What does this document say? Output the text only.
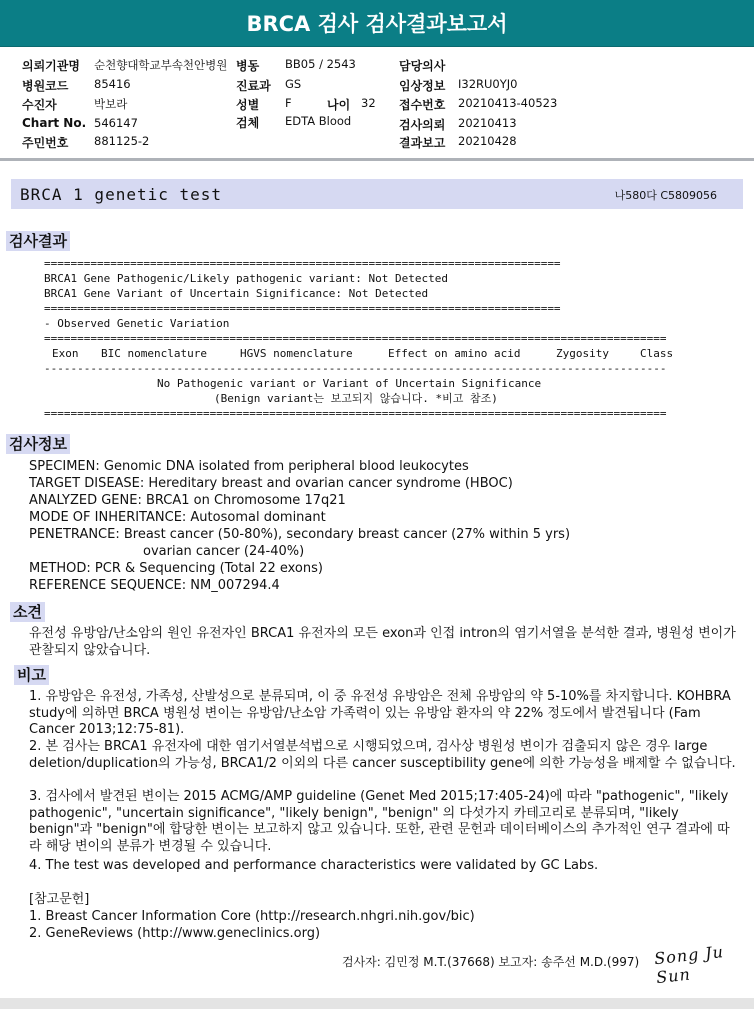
BRCA 검사 검사결과보고서
의뢰기관명 순천향대학교부속천안병원 병동 BB05 / 2543	담당의사
병원코드 85416	진료과 GS	임상정보 I32RU0YJ0
수진자	박보라	성별 F	나이 32 접수번호 20210413-40523
Chart No. 546147	검체 EDTA Blood	검사의뢰 20210413
주민번호 881125-2	결과보고 20210428
BRCA 1 genetic test	나580다 C5809056
검사결과
==============================================================================
BRCA1 Gene Pathogenic/Likely pathogenic variant: Not Detected
BRCA1 Gene Variant of Uncertain Significance: Not Detected
==============================================================================
- Observed Genetic Variation
==============================================================================================
Exon BIC nomenclature	HGVS nomenclature	Effect on amino acid	Zygosity	Class
----------------------------------------------------------------------------------------------
No Pathogenic variant or Variant of Uncertain Significance
(Benign variant는 보고되지 않습니다. *비고 참조)
==============================================================================================
검사정보
SPECIMEN: Genomic DNA isolated from peripheral blood leukocytes
TARGET DISEASE: Hereditary breast and ovarian cancer syndrome (HBOC)
ANALYZED GENE: BRCA1 on Chromosome 17q21
MODE OF INHERITANCE: Autosomal dominant
PENETRANCE: Breast cancer (50-80%), secondary breast cancer (27% within 5 yrs)
ovarian cancer (24-40%)
METHOD: PCR & Sequencing (Total 22 exons)
REFERENCE SEQUENCE: NM_007294.4
소견
유전성 유방암/난소암의 원인 유전자인 BRCA1 유전자의 모든 exon과 인접 intron의 염기서열을 분석한 결과, 병원성 변이가 관찰되지 않았습니다.
비고
1. 유방암은 유전성, 가족성, 산발성으로 분류되며, 이 중 유전성 유방암은 전체 유방암의 약 5-10%를 차지합니다. KOHBRA study에 의하면 BRCA 병원성 변이는 유방암/난소암 가족력이 있는 유방암 환자의 약 22% 정도에서 발견됩니다 (Fam Cancer 2013;12:75-81).
2. 본 검사는 BRCA1 유전자에 대한 염기서열분석법으로 시행되었으며, 검사상 병원성 변이가 검출되지 않은 경우 large deletion/duplication의 가능성, BRCA1/2 이외의 다른 cancer susceptibility gene에 의한 가능성을 배제할 수 없습니다.
3. 검사에서 발견된 변이는 2015 ACMG/AMP guideline (Genet Med 2015;17:405-24)에 따라 "pathogenic", "likely pathogenic", "uncertain significance", "likely benign", "benign" 의 다섯가지 카테고리로 분류되며, "likely benign"과 "benign"에 합당한 변이는 보고하지 않고 있습니다. 또한, 관련 문헌과 데이터베이스의 추가적인 연구 결과에 따라 해당 변이의 분류가 변경될 수 있습니다.
4. The test was developed and performance characteristics were validated by GC Labs.
[참고문헌]
1. Breast Cancer Information Core (http://research.nhgri.nih.gov/bic)
2. GeneReviews (http://www.geneclinics.org)
검사자: 김민정 M.T.(37668) 보고자: 송주선 M.D.(997) Song Ju Sun
